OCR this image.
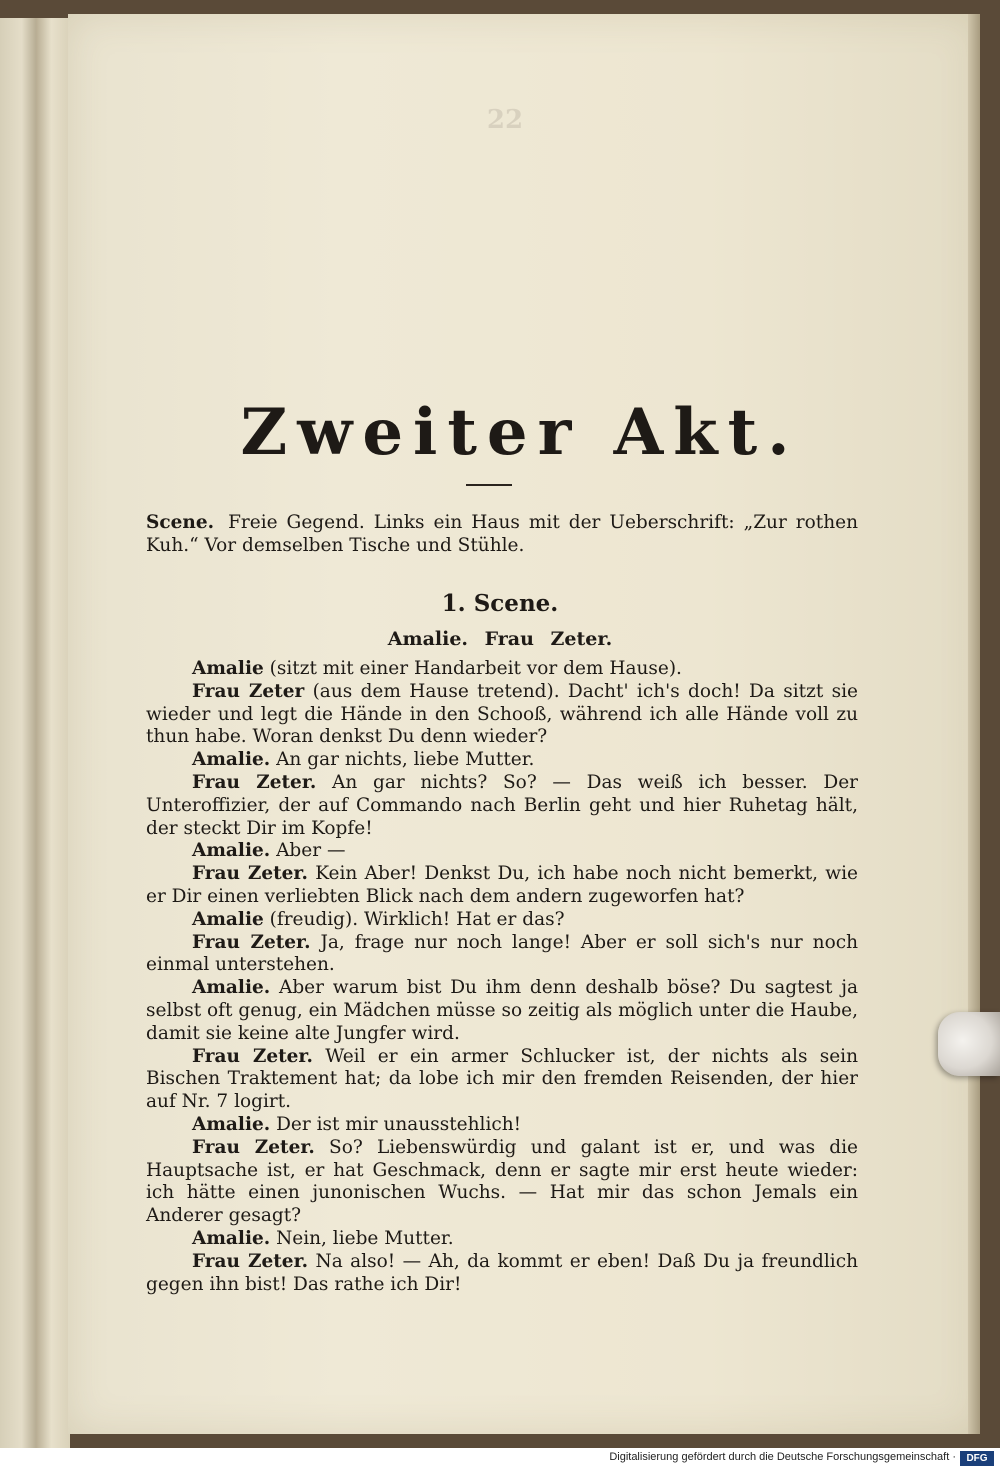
22
Zweiter Akt.
Scene. Freie Gegend. Links ein Haus mit der Ueberschrift: „Zur rothen Kuh.“ Vor demselben Tische und Stühle.
1. Scene.
Amalie. Frau Zeter.

Amalie (sitzt mit einer Handarbeit vor dem Hause).

Frau Zeter (aus dem Hause tretend). Dacht' ich's doch! Da sitzt sie wieder und legt die Hände in den Schooß, während ich alle Hände voll zu thun habe. Woran denkst Du denn wieder?

Amalie. An gar nichts, liebe Mutter.

Frau Zeter. An gar nichts? So? — Das weiß ich besser. Der Unteroffizier, der auf Commando nach Berlin geht und hier Ruhetag hält, der steckt Dir im Kopfe!

Amalie. Aber —

Frau Zeter. Kein Aber! Denkst Du, ich habe noch nicht bemerkt, wie er Dir einen verliebten Blick nach dem andern zugeworfen hat?

Amalie (freudig). Wirklich! Hat er das?

Frau Zeter. Ja, frage nur noch lange! Aber er soll sich's nur noch einmal unterstehen.

Amalie. Aber warum bist Du ihm denn deshalb böse? Du sagtest ja selbst oft genug, ein Mädchen müsse so zeitig als möglich unter die Haube, damit sie keine alte Jungfer wird.

Frau Zeter. Weil er ein armer Schlucker ist, der nichts als sein Bischen Traktement hat; da lobe ich mir den fremden Reisenden, der hier auf Nr. 7 logirt.

Amalie. Der ist mir unausstehlich!

Frau Zeter. So? Liebenswürdig und galant ist er, und was die Hauptsache ist, er hat Geschmack, denn er sagte mir erst heute wieder: ich hätte einen junonischen Wuchs. — Hat mir das schon Jemals ein Anderer gesagt?

Amalie. Nein, liebe Mutter.

Frau Zeter. Na also! — Ah, da kommt er eben! Daß Du ja freundlich gegen ihn bist! Das rathe ich Dir!

Digitalisierung gefördert durch die Deutsche Forschungsgemeinschaft ·	DFG
